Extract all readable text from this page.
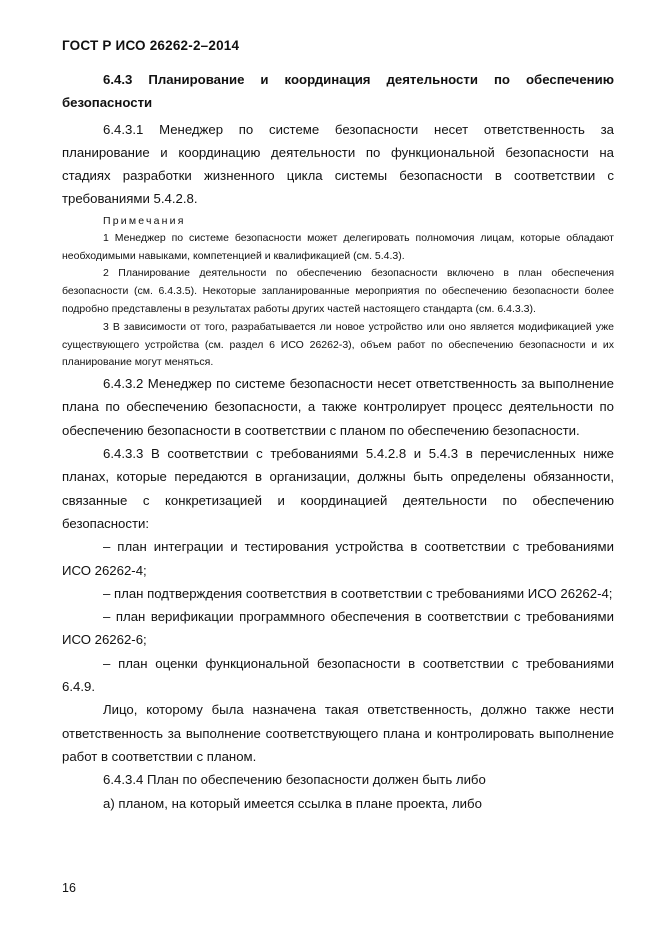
ГОСТ Р ИСО 26262-2–2014

6.4.3 Планирование и координация деятельности по обеспечению безопасности

6.4.3.1 Менеджер по системе безопасности несет ответственность за планирование и координацию деятельности по функциональной безопасности на стадиях разработки жизненного цикла системы безопасности в соответствии с требованиями 5.4.2.8.

Примечания

1 Менеджер по системе безопасности может делегировать полномочия лицам, которые обладают необходимыми навыками, компетенцией и квалификацией (см. 5.4.3).

2 Планирование деятельности по обеспечению безопасности включено в план обеспечения безопасности (см. 6.4.3.5). Некоторые запланированные мероприятия по обеспечению безопасности более подробно представлены в результатах работы других частей настоящего стандарта (см. 6.4.3.3).

3 В зависимости от того, разрабатывается ли новое устройство или оно является модификацией уже существующего устройства (см. раздел 6 ИСО 26262-3), объем работ по обеспечению безопасности и их планирование могут меняться.

6.4.3.2 Менеджер по системе безопасности несет ответственность за выполнение плана по обеспечению безопасности, а также контролирует процесс деятельности по обеспечению безопасности в соответствии с планом по обеспечению безопасности.

6.4.3.3 В соответствии с требованиями 5.4.2.8 и 5.4.3 в перечисленных ниже планах, которые передаются в организации, должны быть определены обязанности, связанные с конкретизацией и координацией деятельности по обеспечению безопасности:

– план интеграции и тестирования устройства в соответствии с требованиями ИСО 26262-4;

– план подтверждения соответствия в соответствии с требованиями ИСО 26262-4;

– план верификации программного обеспечения в соответствии с требованиями ИСО 26262-6;

– план оценки функциональной безопасности в соответствии с требованиями 6.4.9.

Лицо, которому была назначена такая ответственность, должно также нести ответственность за выполнение соответствующего плана и контролировать выполнение работ в соответствии с планом.

6.4.3.4 План по обеспечению безопасности должен быть либо

а) планом, на который имеется ссылка в плане проекта, либо

16
